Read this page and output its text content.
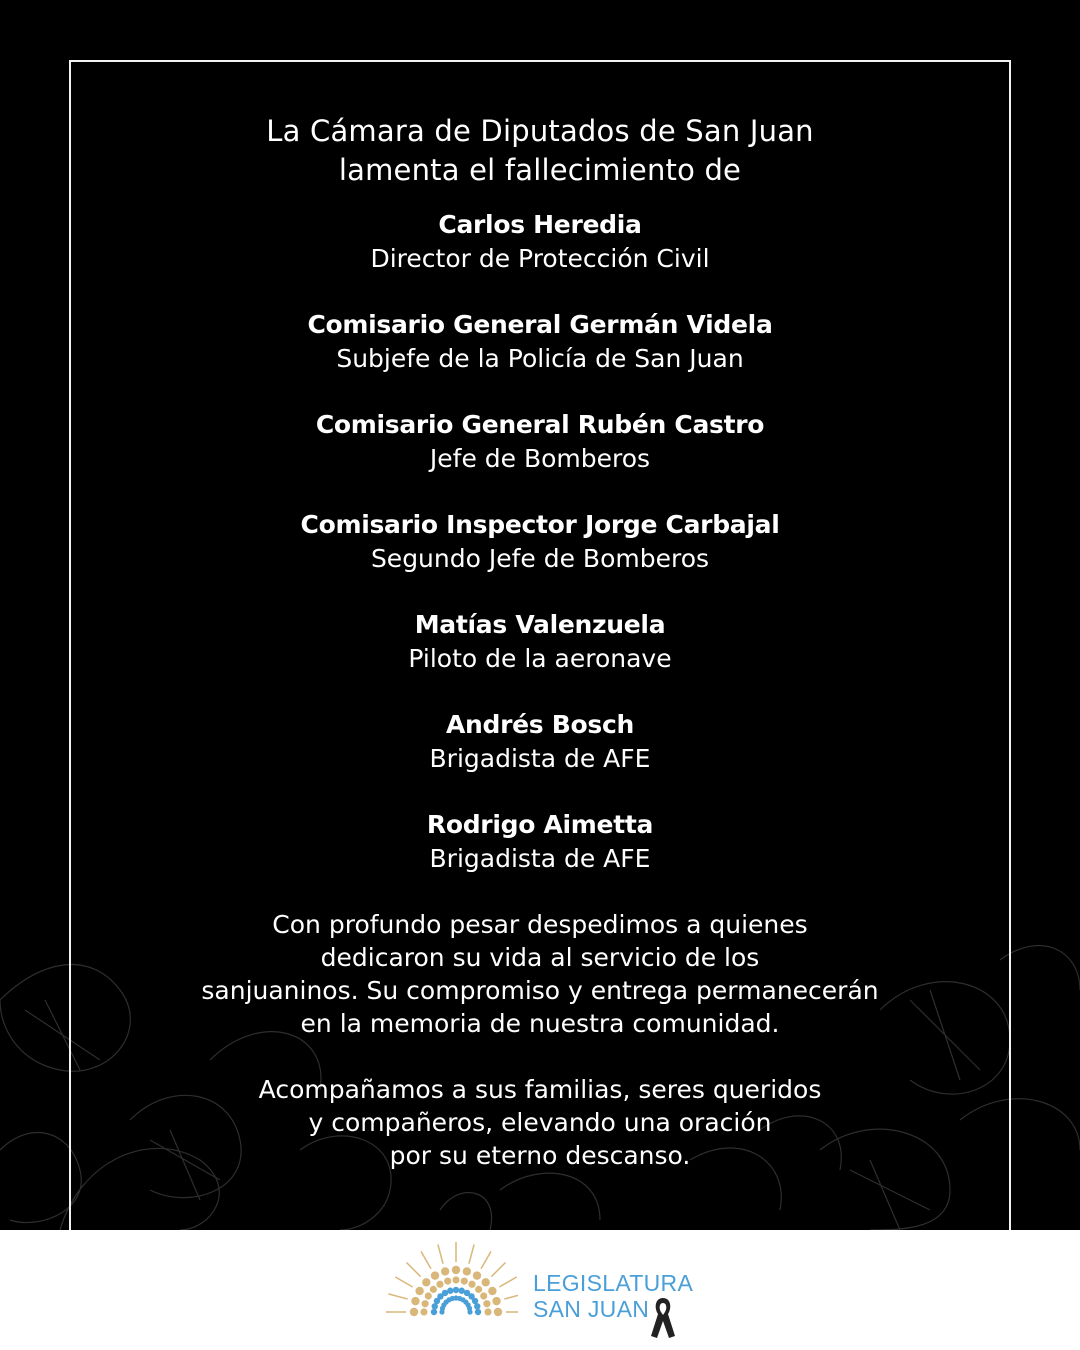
La Cámara de Diputados de San Juan
lamenta el fallecimiento de
Carlos Heredia
Director de Protección Civil
Comisario General Germán Videla
Subjefe de la Policía de San Juan
Comisario General Rubén Castro
Jefe de Bomberos
Comisario Inspector Jorge Carbajal
Segundo Jefe de Bomberos
Matías Valenzuela
Piloto de la aeronave
Andrés Bosch
Brigadista de AFE
Rodrigo Aimetta
Brigadista de AFE
Con profundo pesar despedimos a quienes
dedicaron su vida al servicio de los
sanjuaninos. Su compromiso y entrega permanecerán
en la memoria de nuestra comunidad.
Acompañamos a sus familias, seres queridos
y compañeros, elevando una oración
por su eterno descanso.
LEGISLATURA
SAN JUAN
